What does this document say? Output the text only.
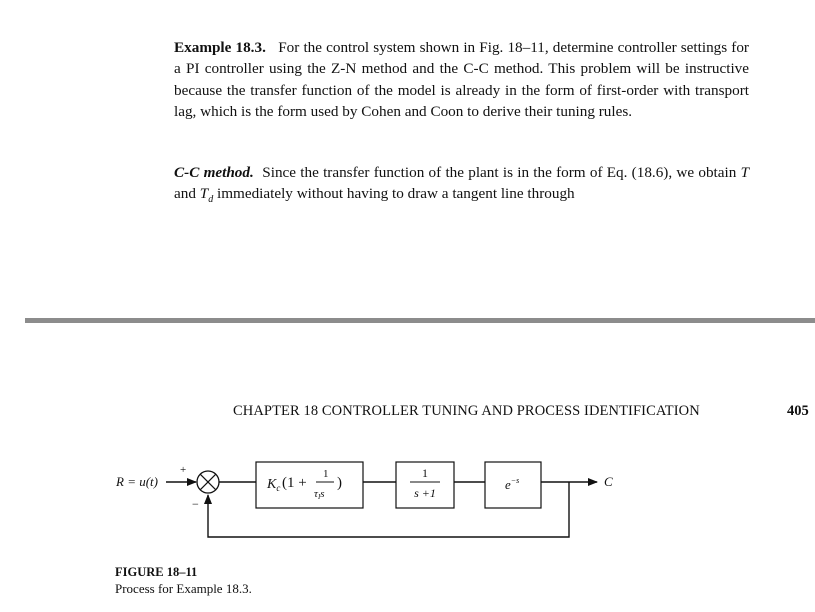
Example 18.3. For the control system shown in Fig. 18–11, determine controller settings for a PI controller using the Z-N method and the C-C method. This problem will be instructive because the transfer function of the model is already in the form of first-order with transport lag, which is the form used by Cohen and Coon to derive their tuning rules.

C-C method. Since the transfer function of the plant is in the form of Eq. (18.6), we obtain T and $T_d$ immediately without having to draw a tangent line through

CHAPTER 18 CONTROLLER TUNING AND PROCESS IDENTIFICATION	405
R = u(t)
+
−
$K_c$ (1 +
1
τIs
)
1
s +1
$e^{-s}$	C
FIGURE 18–11
Process for Example 18.3.
